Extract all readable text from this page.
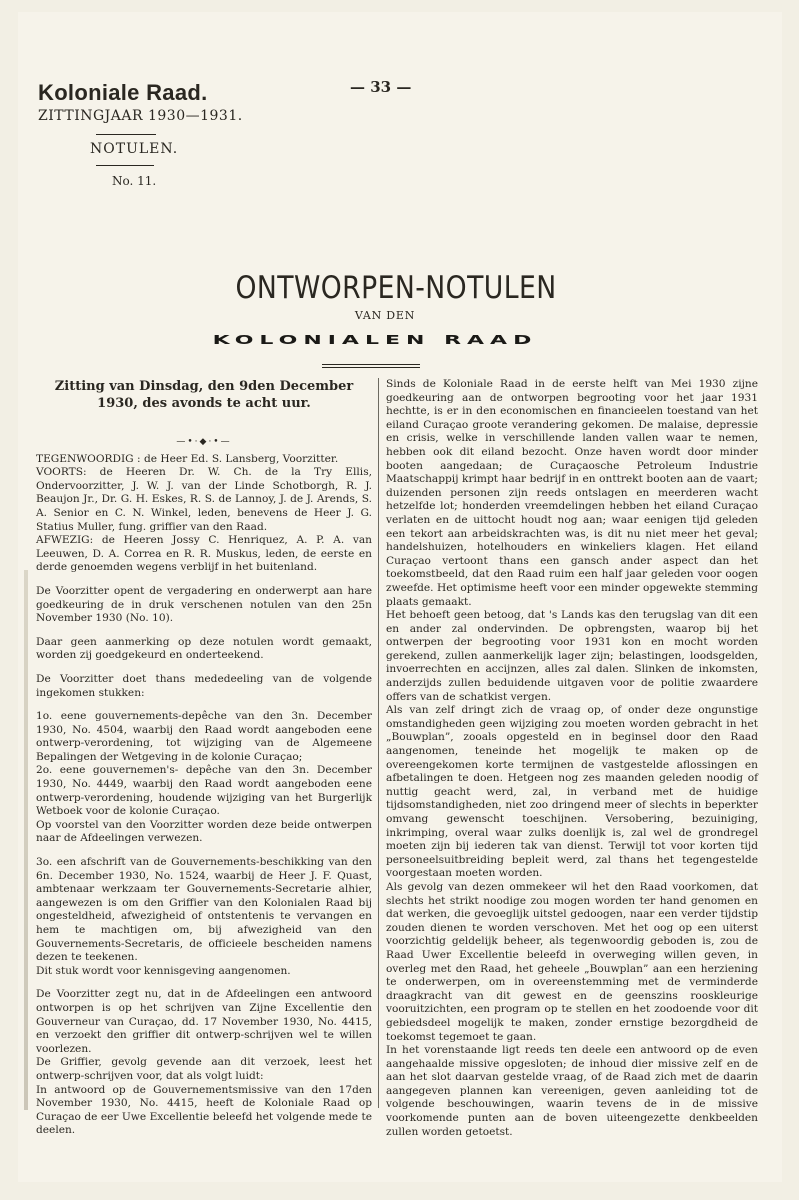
Koloniale Raad.

ZITTINGJAAR 1930—1931.

NOTULEN.

No. 11.

— 33 —
ONTWORPEN-NOTULEN
VAN DEN
KOLONIALEN RAAD

Zitting van Dinsdag, den 9den December 1930, des avonds te acht uur.

—•·◆·•—

TEGENWOORDIG : de Heer Ed. S. Lansberg, Voorzitter.

VOORTS: de Heeren Dr. W. Ch. de la Try Ellis, Ondervoorzitter, J. W. J. van der Linde Schotborgh, R. J. Beaujon Jr., Dr. G. H. Eskes, R. S. de Lannoy, J. de J. Arends, S. A. Senior en C. N. Winkel, leden, benevens de Heer J. G. Statius Muller, fung. griffier van den Raad.

AFWEZIG: de Heeren Jossy C. Henriquez, A. P. A. van Leeuwen, D. A. Correa en R. R. Muskus, leden, de eerste en derde genoemden wegens verblijf in het buitenland.

De Voorzitter opent de vergadering en onderwerpt aan hare goedkeuring de in druk verschenen notulen van den 25n November 1930 (No. 10).

Daar geen aanmerking op deze notulen wordt gemaakt, worden zij goedgekeurd en onderteekend.

De Voorzitter doet thans mededeeling van de volgende ingekomen stukken:

1o. eene gouvernements-depêche van den 3n. December 1930, No. 4504, waarbij den Raad wordt aangeboden eene ontwerp-verordening, tot wijziging van de Algemeene Bepalingen der Wetgeving in de kolonie Curaçao;

2o. eene gouvernemen's- depêche van den 3n. December 1930, No. 4449, waarbij den Raad wordt aangeboden eene ontwerp-verordening, houdende wijziging van het Burgerlijk Wetboek voor de kolonie Curaçao.

Op voorstel van den Voorzitter worden deze beide ontwerpen naar de Afdeelingen verwezen.

3o. een afschrift van de Gouvernements-beschikking van den 6n. December 1930, No. 1524, waarbij de Heer J. F. Quast, ambtenaar werkzaam ter Gouvernements-Secretarie alhier, aangewezen is om den Griffier van den Kolonialen Raad bij ongesteldheid, afwezigheid of ontstentenis te vervangen en hem te machtigen om, bij afwezigheid van den Gouvernements-Secretaris, de officieele bescheiden namens dezen te teekenen.

Dit stuk wordt voor kennisgeving aangenomen.

De Voorzitter zegt nu, dat in de Afdeelingen een antwoord ontworpen is op het schrijven van Zijne Excellentie den Gouverneur van Curaçao, dd. 17 November 1930, No. 4415, en verzoekt den griffier dit ontwerp-schrijven wel te willen voorlezen.

De Griffier, gevolg gevende aan dit verzoek, leest het ontwerp-schrijven voor, dat als volgt luidt:

In antwoord op de Gouvernementsmissive van den 17den November 1930, No. 4415, heeft de Koloniale Raad op Curaçao de eer Uwe Excellentie beleefd het volgende mede te deelen.

Sinds de Koloniale Raad in de eerste helft van Mei 1930 zijne goedkeuring aan de ontworpen begrooting voor het jaar 1931 hechtte, is er in den economischen en financieelen toestand van het eiland Curaçao groote verandering gekomen. De malaise, depressie en crisis, welke in verschillende landen vallen waar te nemen, hebben ook dit eiland bezocht. Onze haven wordt door minder booten aangedaan; de Curaçaosche Petroleum Industrie Maatschappij krimpt haar bedrijf in en onttrekt booten aan de vaart; duizenden personen zijn reeds ontslagen en meerderen wacht hetzelfde lot; honderden vreemdelingen hebben het eiland Curaçao verlaten en de uittocht houdt nog aan; waar eenigen tijd geleden een tekort aan arbeidskrachten was, is dit nu niet meer het geval; handelshuizen, hotelhouders en winkeliers klagen. Het eiland Curaçao vertoont thans een gansch ander aspect dan het toekomstbeeld, dat den Raad ruim een half jaar geleden voor oogen zweefde. Het optimisme heeft voor een minder opgewekte stemming plaats gemaakt.

Het behoeft geen betoog, dat 's Lands kas den terugslag van dit een en ander zal ondervinden. De opbrengsten, waarop bij het ontwerpen der begrooting voor 1931 kon en mocht worden gerekend, zullen aanmerkelijk lager zijn; belastingen, loodsgelden, invoerrechten en accijnzen, alles zal dalen. Slinken de inkomsten, anderzijds zullen beduidende uitgaven voor de politie zwaardere offers van de schatkist vergen.

Als van zelf dringt zich de vraag op, of onder deze ongunstige omstandigheden geen wijziging zou moeten worden gebracht in het „Bouwplan”, zooals opgesteld en in beginsel door den Raad aangenomen, teneinde het mogelijk te maken op de overeengekomen korte termijnen de vastgestelde aflossingen en afbetalingen te doen. Hetgeen nog zes maanden geleden noodig of nuttig geacht werd, zal, in verband met de huidige tijdsomstandigheden, niet zoo dringend meer of slechts in beperkter omvang gewenscht toeschijnen. Versobering, bezuiniging, inkrimping, overal waar zulks doenlijk is, zal wel de grondregel moeten zijn bij iederen tak van dienst. Terwijl tot voor korten tijd personeelsuitbreiding bepleit werd, zal thans het tegengestelde voorgestaan moeten worden.

Als gevolg van dezen ommekeer wil het den Raad voorkomen, dat slechts het strikt noodige zou mogen worden ter hand genomen en dat werken, die gevoeglijk uitstel gedoogen, naar een verder tijdstip zouden dienen te worden verschoven. Met het oog op een uiterst voorzichtig geldelijk beheer, als tegenwoordig geboden is, zou de Raad Uwer Excellentie beleefd in overweging willen geven, in overleg met den Raad, het geheele „Bouwplan” aan een herziening te onderwerpen, om in overeenstemming met de verminderde draagkracht van dit gewest en de geenszins rooskleurige vooruitzichten, een program op te stellen en het zoodoende voor dit gebiedsdeel mogelijk te maken, zonder ernstige bezorgdheid de toekomst tegemoet te gaan.

In het vorenstaande ligt reeds ten deele een antwoord op de even aangehaalde missive opgesloten; de inhoud dier missive zelf en de aan het slot daarvan gestelde vraag, of de Raad zich met de daarin aangegeven plannen kan vereenigen, geven aanleiding tot de volgende beschouwingen, waarin tevens de in de missive voorkomende punten aan de boven uiteengezette denkbeelden zullen worden getoetst.
